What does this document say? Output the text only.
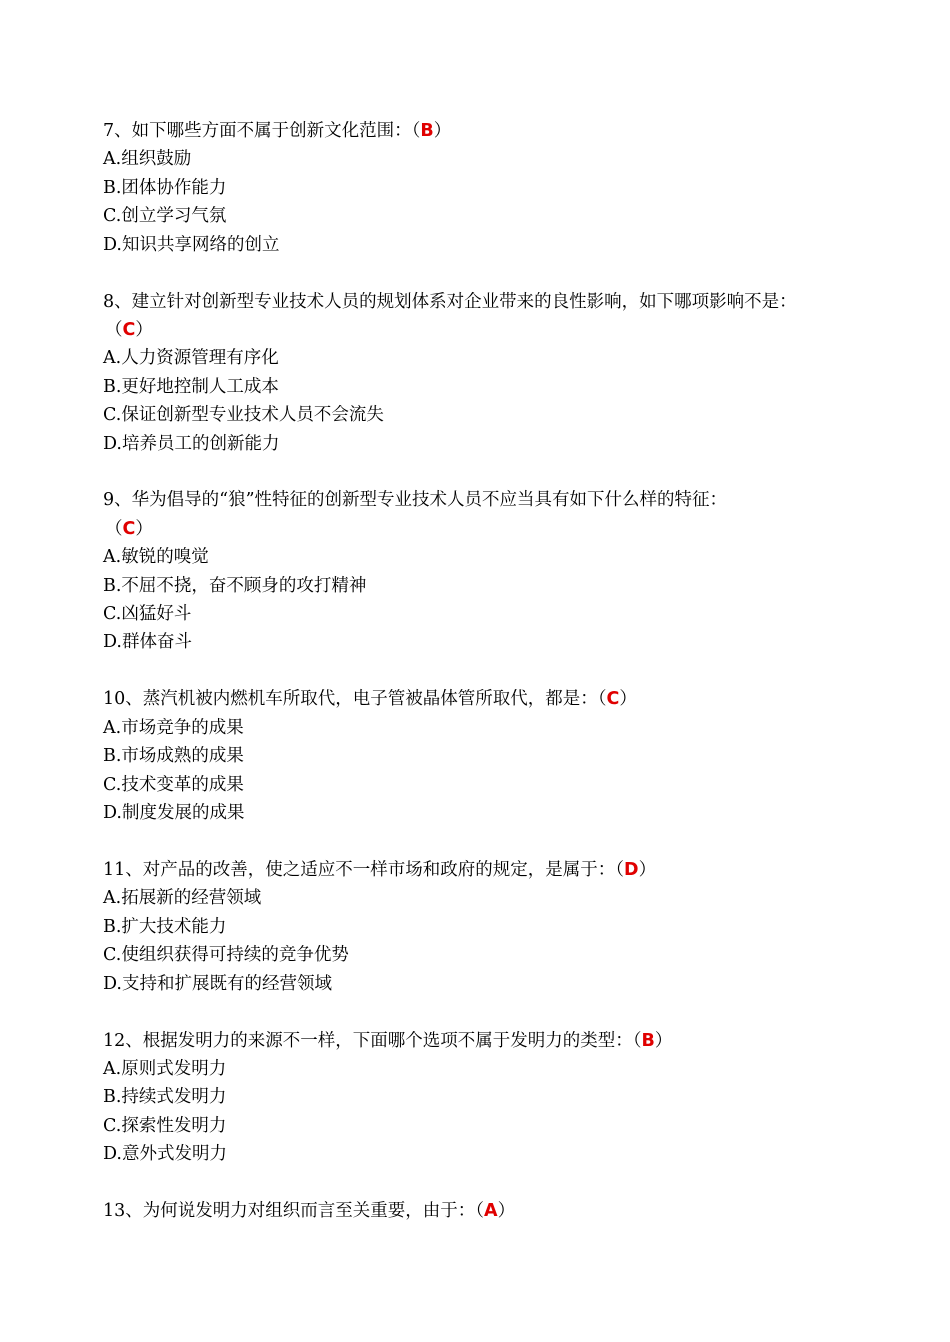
7、如下哪些方面不属于创新文化范围：（B）
A.组织鼓励
B.团体协作能力
C.创立学习气氛
D.知识共享网络的创立
8、建立针对创新型专业技术人员的规划体系对企业带来的良性影响，如下哪项影响不是：
（C）
A.人力资源管理有序化
B.更好地控制人工成本
C.保证创新型专业技术人员不会流失
D.培养员工的创新能力
9、华为倡导的“狼”性特征的创新型专业技术人员不应当具有如下什么样的特征：
（C）
A.敏锐的嗅觉
B.不屈不挠，奋不顾身的攻打精神
C.凶猛好斗
D.群体奋斗
10、蒸汽机被内燃机车所取代，电子管被晶体管所取代，都是：（C）
A.市场竞争的成果
B.市场成熟的成果
C.技术变革的成果
D.制度发展的成果
11、对产品的改善，使之适应不一样市场和政府的规定，是属于：（D）
A.拓展新的经营领域
B.扩大技术能力
C.使组织获得可持续的竞争优势
D.支持和扩展既有的经营领域
12、根据发明力的来源不一样，下面哪个选项不属于发明力的类型：（B）
A.原则式发明力
B.持续式发明力
C.探索性发明力
D.意外式发明力
13、为何说发明力对组织而言至关重要，由于：（A）
